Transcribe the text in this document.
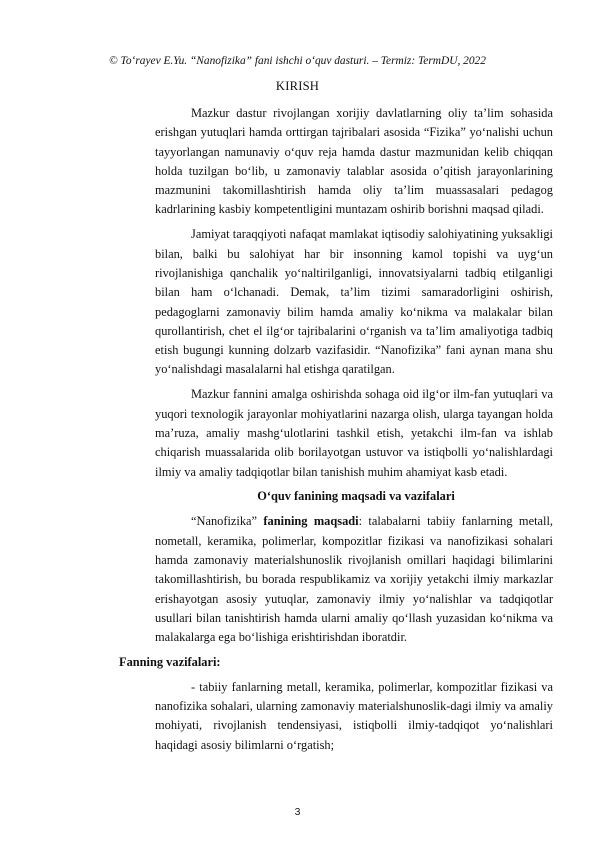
© To‘rayev E.Yu. “Nanofizika” fani ishchi o‘quv dasturi. – Termiz: TermDU, 2022
KIRISH

Mazkur dastur rivojlangan xorijiy davlatlarning oliy ta’lim sohasida erishgan yutuqlari hamda orttirgan tajribalari asosida “Fizika” yo‘nalishi uchun tayyorlangan namunaviy o‘quv reja hamda dastur mazmunidan kelib chiqqan holda tuzilgan bo‘lib, u zamonaviy talablar asosida o’qitish jarayonlarining mazmunini takomillashtirish hamda oliy ta’lim muassasalari pedagog kadrlarining kasbiy kompetentligini muntazam oshirib borishni maqsad qiladi.

Jamiyat taraqqiyoti nafaqat mamlakat iqtisodiy salohiyatining yuksakligi bilan, balki bu salohiyat har bir insonning kamol topishi va uyg‘un rivojlanishiga qanchalik yo‘naltirilganligi, innovatsiyalarni tadbiq etilganligi bilan ham o‘lchanadi. Demak, ta’lim tizimi samaradorligini oshirish, pedagoglarni zamonaviy bilim hamda amaliy ko‘nikma va malakalar bilan qurollantirish, chet el ilg‘or tajribalarini o‘rganish va ta’lim amaliyotiga tadbiq etish bugungi kunning dolzarb vazifasidir. “Nanofizika” fani aynan mana shu yo‘nalishdagi masalalarni hal etishga qaratilgan.

Mazkur fannini amalga oshirishda sohaga oid ilg‘or ilm-fan yutuqlari va yuqori texnologik jarayonlar mohiyatlarini nazarga olish, ularga tayangan holda ma’ruza, amaliy mashg‘ulotlarini tashkil etish, yetakchi ilm-fan va ishlab chiqarish muassalarida olib borilayotgan ustuvor va istiqbolli yo‘nalishlardagi ilmiy va amaliy tadqiqotlar bilan tanishish muhim ahamiyat kasb etadi.

O‘quv fanining maqsadi va vazifalari

“Nanofizika” fanining maqsadi: talabalarni tabiiy fanlarning metall, nometall, keramika, polimerlar, kompozitlar fizikasi va nanofizikasi sohalari hamda zamonaviy materialshunoslik rivojlanish omillari haqidagi bilimlarini takomillashtirish, bu borada respublikamiz va xorijiy yetakchi ilmiy markazlar erishayotgan asosiy yutuqlar, zamonaviy ilmiy yo‘nalishlar va tadqiqotlar usullari bilan tanishtirish hamda ularni amaliy qo‘llash yuzasidan ko‘nikma va malakalarga ega bo‘lishiga erishtirishdan iboratdir.

Fanning vazifalari:

- tabiiy fanlarning metall, keramika, polimerlar, kompozitlar fizikasi va nanofizika sohalari, ularning zamonaviy materialshunoslik-dagi ilmiy va amaliy mohiyati, rivojlanish tendensiyasi, istiqbolli ilmiy-tadqiqot yo‘nalishlari haqidagi asosiy bilimlarni o‘rgatish;

3
